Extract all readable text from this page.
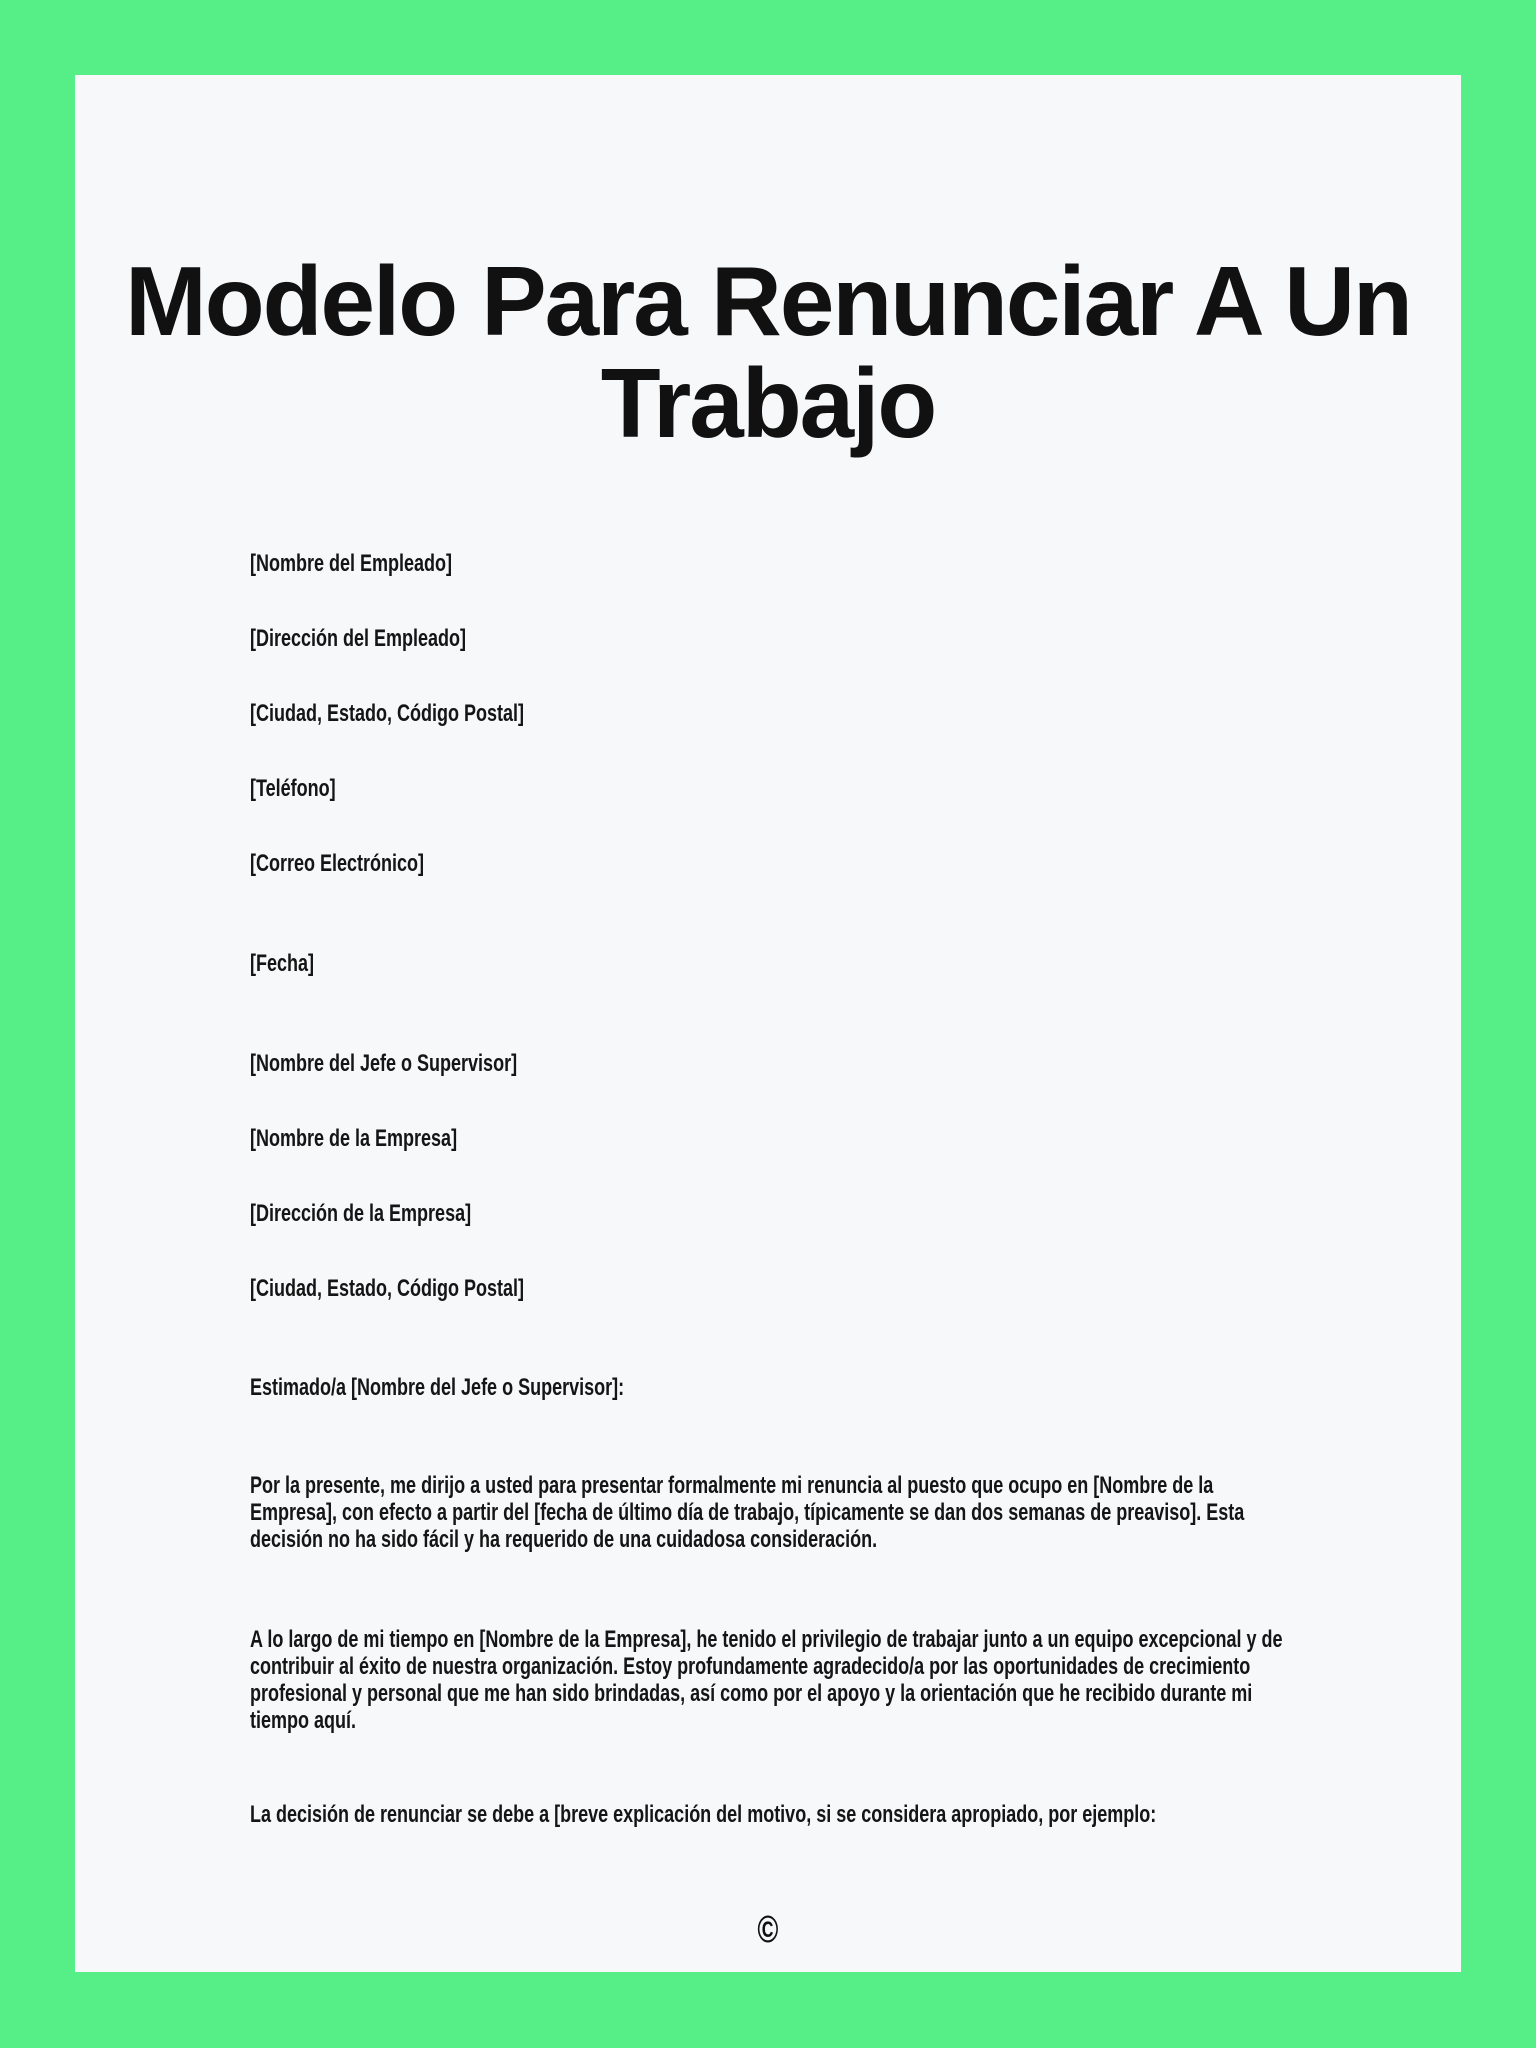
Modelo Para Renunciar A Un Trabajo

[Nombre del Empleado]

[Dirección del Empleado]

[Ciudad, Estado, Código Postal]

[Teléfono]

[Correo Electrónico]

[Fecha]

[Nombre del Jefe o Supervisor]

[Nombre de la Empresa]

[Dirección de la Empresa]

[Ciudad, Estado, Código Postal]

Estimado/a [Nombre del Jefe o Supervisor]:

Por la presente, me dirijo a usted para presentar formalmente mi renuncia al puesto que ocupo en [Nombre de la Empresa], con efecto a partir del [fecha de último día de trabajo, típicamente se dan dos semanas de preaviso]. Esta decisión no ha sido fácil y ha requerido de una cuidadosa consideración.

A lo largo de mi tiempo en [Nombre de la Empresa], he tenido el privilegio de trabajar junto a un equipo excepcional y de contribuir al éxito de nuestra organización. Estoy profundamente agradecido/a por las oportunidades de crecimiento profesional y personal que me han sido brindadas, así como por el apoyo y la orientación que he recibido durante mi tiempo aquí.

La decisión de renunciar se debe a [breve explicación del motivo, si se considera apropiado, por ejemplo:

©
